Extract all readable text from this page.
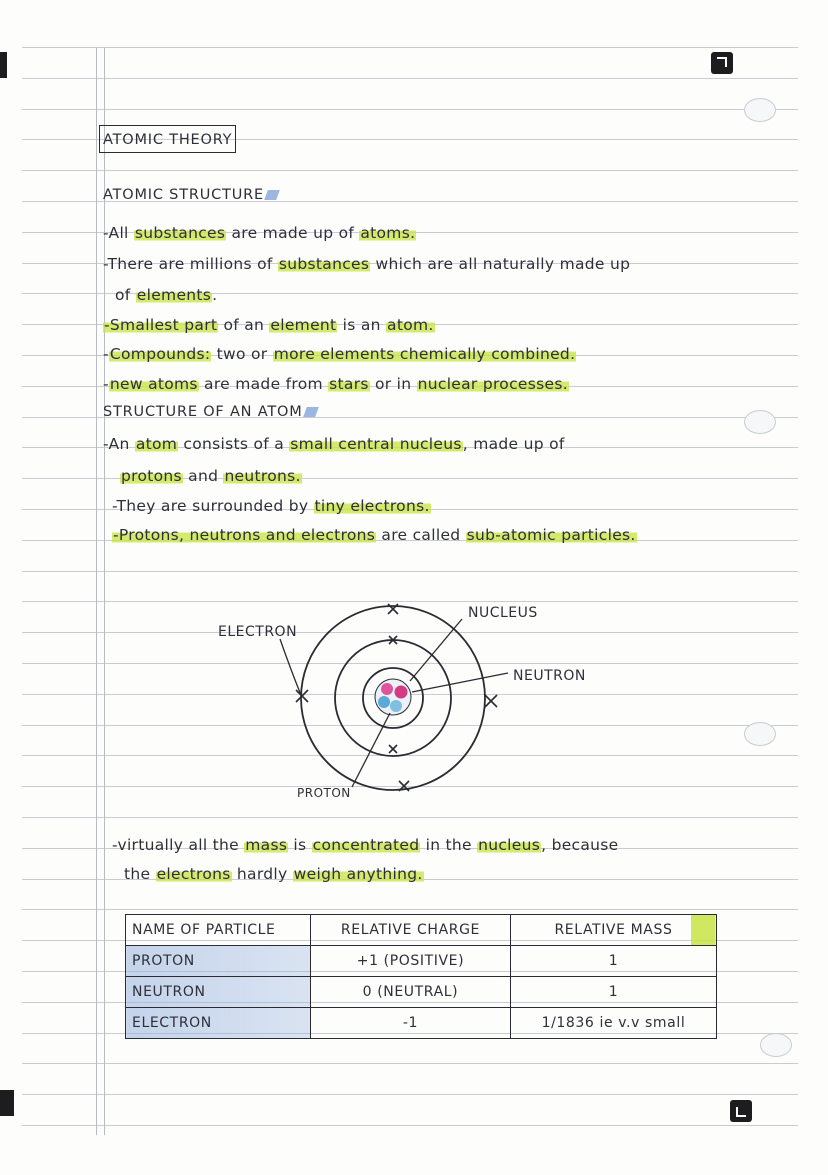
ATOMIC THEORY
ATOMIC STRUCTURE
-All substances are made up of atoms.
-There are millions of substances which are all naturally made up
of elements.
-Smallest part of an element is an atom.
-Compounds: two or more elements chemically combined.
-new atoms are made from stars or in nuclear processes.
STRUCTURE OF AN ATOM
-An atom consists of a small central nucleus, made up of
protons and neutrons.
-They are surrounded by tiny electrons.
-Protons, neutrons and electrons are called sub-atomic particles.
ELECTRON
NUCLEUS
NEUTRON
PROTON
-virtually all the mass is concentrated in the nucleus, because
the electrons hardly weigh anything.
NAME OF PARTICLE	RELATIVE CHARGE	RELATIVE MASS
PROTON	+1 (POSITIVE)	1
NEUTRON	0 (NEUTRAL)	1
ELECTRON	-1	1/1836 ie v.v small
